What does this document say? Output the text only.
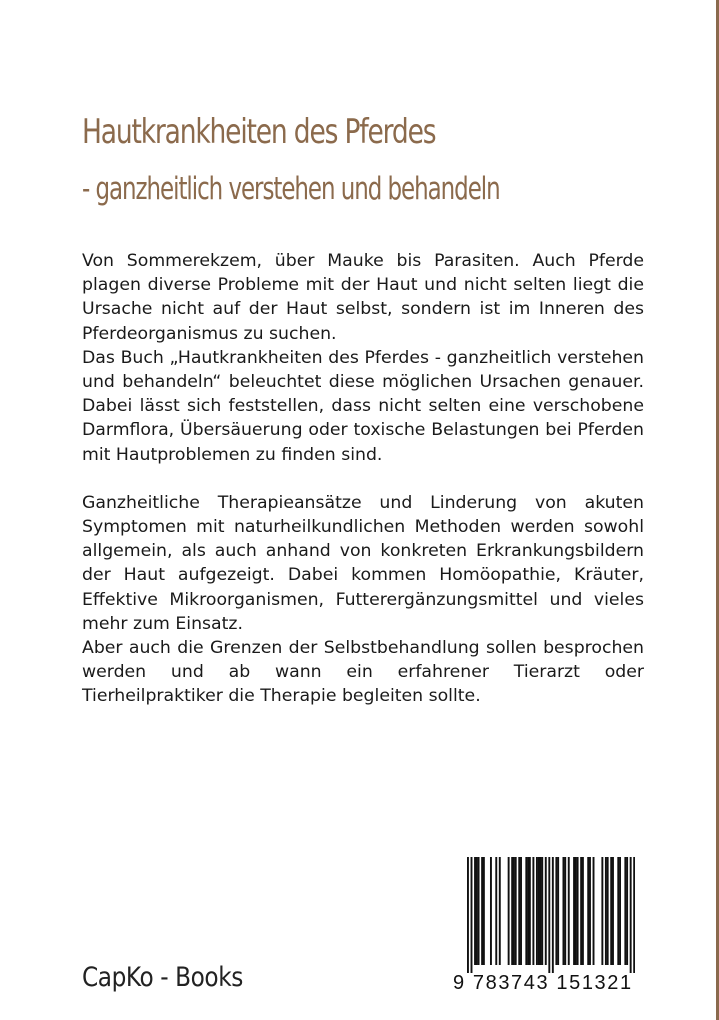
Hautkrankheiten des Pferdes
- ganzheitlich verstehen und behandeln

Von Sommerekzem, über Mauke bis Parasiten. Auch Pferde plagen diverse Probleme mit der Haut und nicht selten liegt die Ursache nicht auf der Haut selbst, sondern ist im Inneren des Pferdeorganismus zu suchen.

Das Buch „Hautkrankheiten des Pferdes - ganzheitlich verstehen und behandeln“ beleuchtet diese möglichen Ursachen genauer. Dabei lässt sich feststellen, dass nicht selten eine verschobene Darmflora, Übersäuerung oder toxische Belastungen bei Pferden mit Hautproblemen zu finden sind.

Ganzheitliche Therapieansätze und Linderung von akuten Symptomen mit naturheilkundlichen Methoden werden sowohl allgemein, als auch anhand von konkreten Erkrankungsbildern der Haut aufgezeigt. Dabei kommen Homöopathie, Kräuter, Effektive Mikroorganismen, Futterergänzungsmittel und vieles mehr zum Einsatz.

Aber auch die Grenzen der Selbstbehandlung sollen besprochen werden und ab wann ein erfahrener Tierarzt oder Tierheilpraktiker die Therapie begleiten sollte.

9 783743 151321
CapKo - Books
